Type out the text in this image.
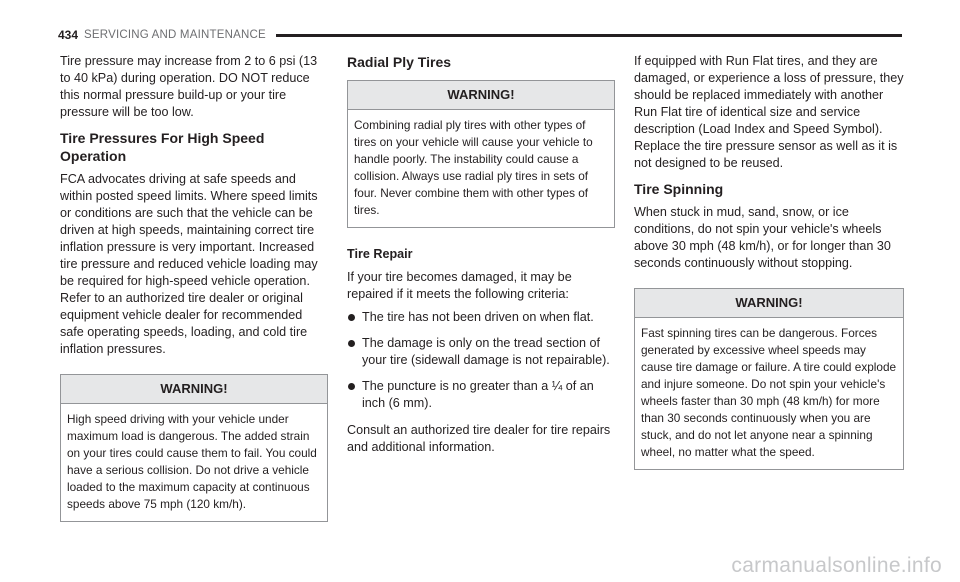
434 SERVICING AND MAINTENANCE

Tire pressure may increase from 2 to 6 psi (13 to 40 kPa) during operation. DO NOT reduce this normal pressure build-up or your tire pressure will be too low.

Tire Pressures For High Speed Operation

FCA advocates driving at safe speeds and within posted speed limits. Where speed limits or conditions are such that the vehicle can be driven at high speeds, maintaining correct tire inflation pressure is very important. Increased tire pressure and reduced vehicle loading may be required for high-speed vehicle operation. Refer to an authorized tire dealer or original equipment vehicle dealer for recommended safe operating speeds, loading, and cold tire inflation pressures.

WARNING!
High speed driving with your vehicle under maximum load is dangerous. The added strain on your tires could cause them to fail. You could have a serious collision. Do not drive a vehicle loaded to the maximum capacity at continuous speeds above 75 mph (120 km/h).
Radial Ply Tires
WARNING!
Combining radial ply tires with other types of tires on your vehicle will cause your vehicle to handle poorly. The instability could cause a collision. Always use radial ply tires in sets of four. Never combine them with other types of tires.
Tire Repair

If your tire becomes damaged, it may be repaired if it meets the following criteria:

The tire has not been driven on when flat.
The damage is only on the tread section of your tire (sidewall damage is not repairable).
The puncture is no greater than a ¼ of an inch (6 mm).

Consult an authorized tire dealer for tire repairs and additional information.

If equipped with Run Flat tires, and they are damaged, or experience a loss of pressure, they should be replaced immediately with another Run Flat tire of identical size and service description (Load Index and Speed Symbol). Replace the tire pressure sensor as well as it is not designed to be reused.

Tire Spinning

When stuck in mud, sand, snow, or ice conditions, do not spin your vehicle's wheels above 30 mph (48 km/h), or for longer than 30 seconds continuously without stopping.

WARNING!
Fast spinning tires can be dangerous. Forces generated by excessive wheel speeds may cause tire damage or failure. A tire could explode and injure someone. Do not spin your vehicle's wheels faster than 30 mph (48 km/h) for more than 30 seconds continuously when you are stuck, and do not let anyone near a spinning wheel, no matter what the speed.
carmanualsonline.info
